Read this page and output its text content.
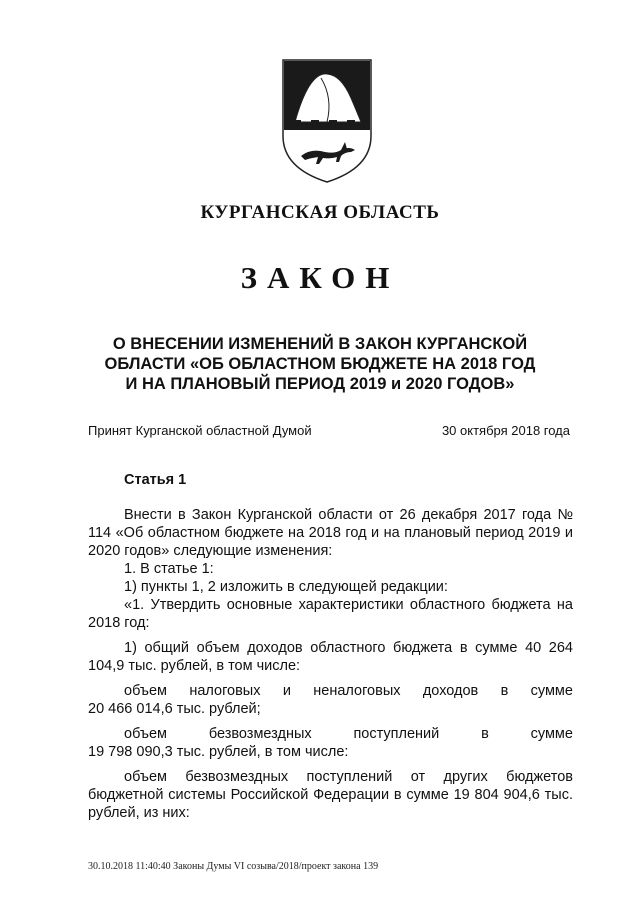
КУРГАНСКАЯ ОБЛАСТЬ
ЗАКОН
О ВНЕСЕНИИ ИЗМЕНЕНИЙ В ЗАКОН КУРГАНСКОЙ
ОБЛАСТИ «ОБ ОБЛАСТНОМ БЮДЖЕТЕ НА 2018 ГОД
И НА ПЛАНОВЫЙ ПЕРИОД 2019 и 2020 ГОДОВ»
Принят Курганской областной Думой	30 октября 2018 года
Статья 1

Внести в Закон Курганской области от 26 декабря 2017 года № 114 «Об областном бюджете на 2018 год и на плановый период 2019 и 2020 годов» следующие изменения:

1. В статье 1:

1) пункты 1, 2 изложить в следующей редакции:

«1. Утвердить основные характеристики областного бюджета на 2018 год:

1) общий объем доходов областного бюджета в сумме 40 264 104,9 тыс. рублей, в том числе:

объем налоговых и неналоговых доходов в сумме
20 466 014,6 тыс. рублей;
объем	безвозмездных	поступлений	в	сумме
19 798 090,3 тыс. рублей, в том числе:

объем безвозмездных поступлений от других бюджетов бюджетной системы Российской Федерации в сумме 19 804 904,6 тыс. рублей, из них:

30.10.2018 11:40:40 Законы Думы VI созыва/2018/проект закона 139
